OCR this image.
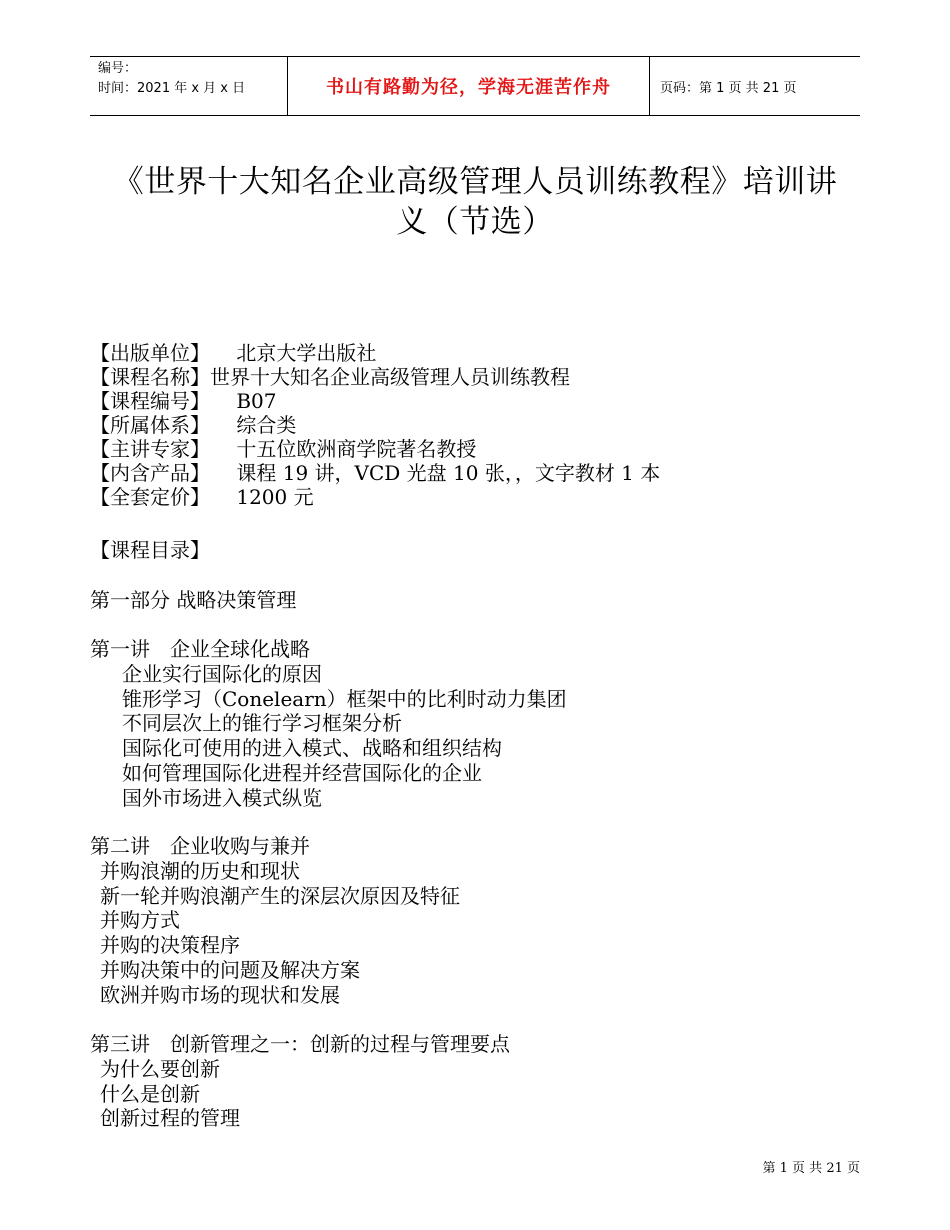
编号：
时间：2021 年 x 月 x 日	书山有路勤为径，学海无涯苦作舟	页码：第 1 页 共 21 页
《世界十大知名企业高级管理人员训练教程》培训讲
义（节选）
【出版单位】 北京大学出版社
【课程名称】世界十大知名企业高级管理人员训练教程
【课程编号】 B07
【所属体系】 综合类
【主讲专家】 十五位欧洲商学院著名教授
【内含产品】 课程 19 讲，VCD 光盘 10 张，，文字教材 1 本
【全套定价】 1200 元
【课程目录】
第一部分 战略决策管理
第一讲　企业全球化战略
企业实行国际化的原因
锥形学习（Conelearn）框架中的比利时动力集团
不同层次上的锥行学习框架分析
国际化可使用的进入模式、战略和组织结构
如何管理国际化进程并经营国际化的企业
国外市场进入模式纵览
第二讲　企业收购与兼并
并购浪潮的历史和现状
新一轮并购浪潮产生的深层次原因及特征
并购方式
并购的决策程序
并购决策中的问题及解决方案
欧洲并购市场的现状和发展
第三讲　创新管理之一：创新的过程与管理要点
为什么要创新
什么是创新
创新过程的管理
第 1 页 共 21 页
